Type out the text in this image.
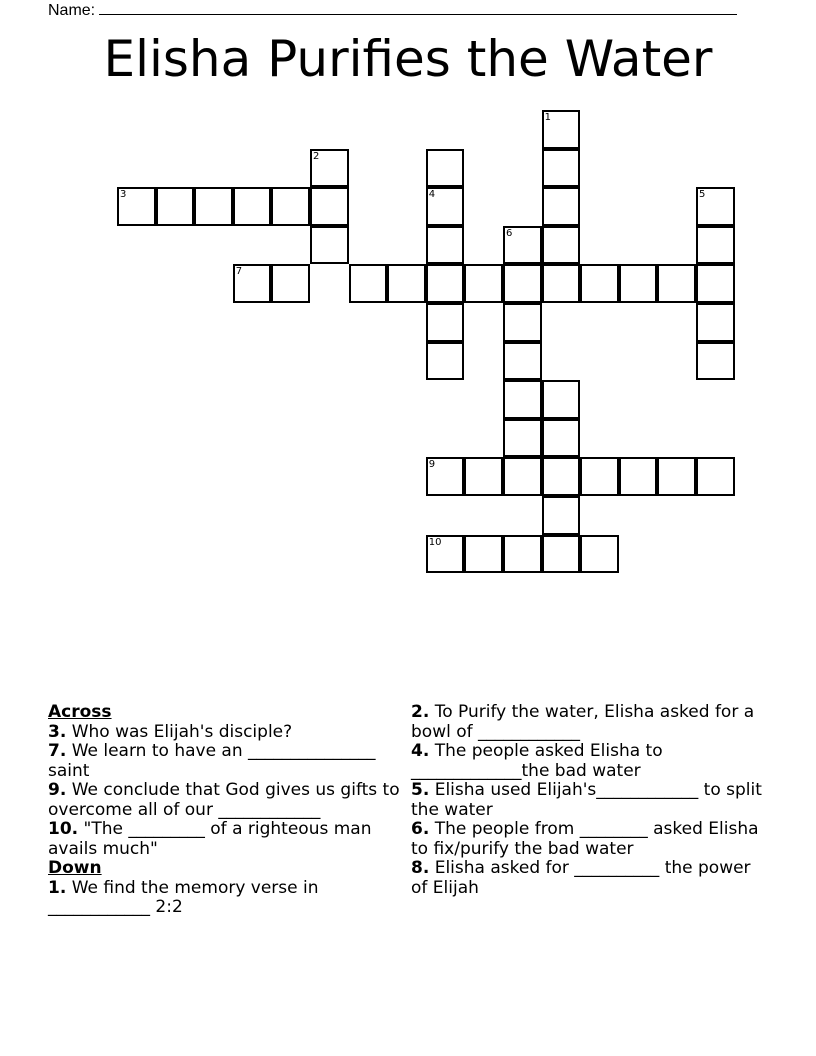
Name:
Elisha Purifies the Water
3
2
4
7
6
1
5
9
10
Across
3. Who was Elijah's disciple?
7. We learn to have an _______________ saint
9. We conclude that God gives us gifts to overcome all of our ____________
10. "The _________ of a righteous man avails much"
Down
1. We find the memory verse in ____________ 2:2
2. To Purify the water, Elisha asked for a bowl of ____________
4. The people asked Elisha to _____________the bad water
5. Elisha used Elijah's____________ to split the water
6. The people from ________ asked Elisha to fix/purify the bad water
8. Elisha asked for __________ the power of Elijah
